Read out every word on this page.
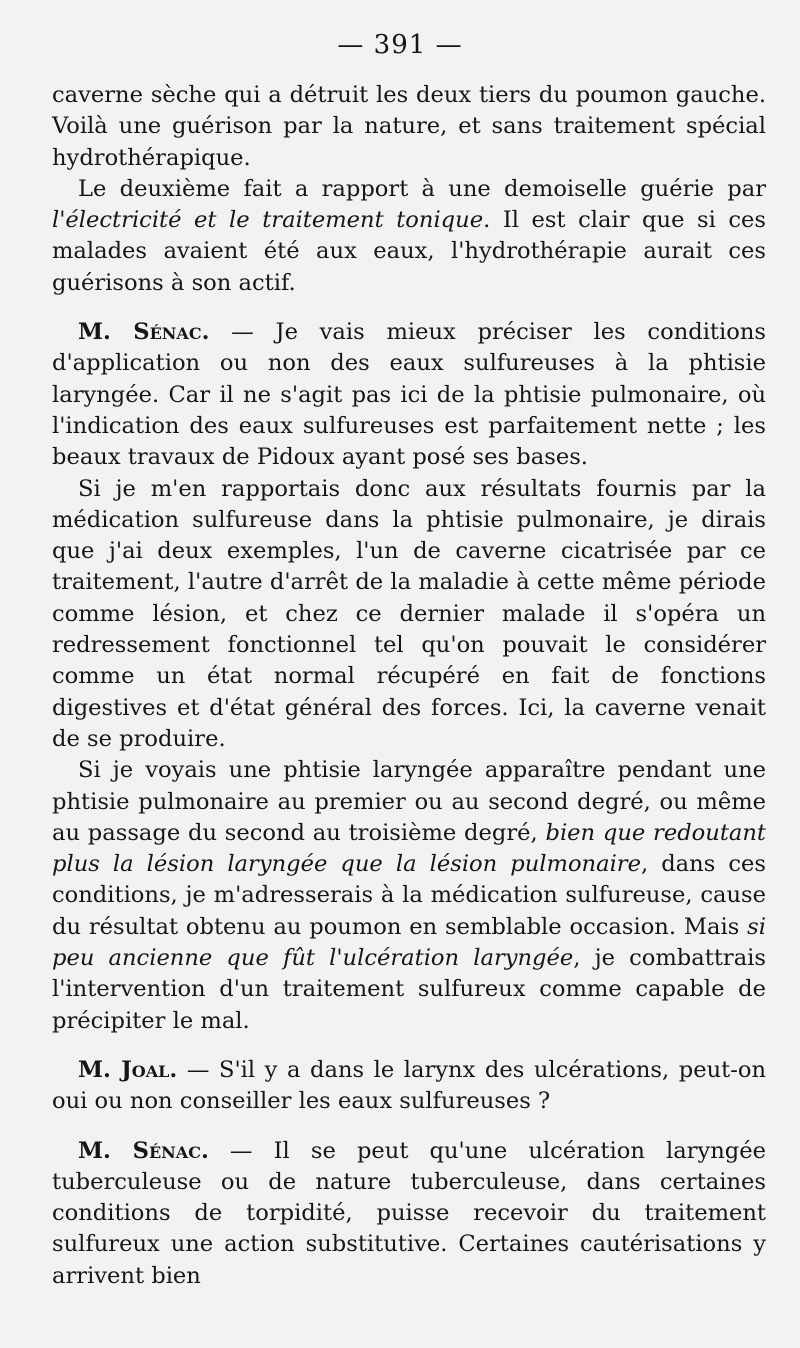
— 391 —

caverne sèche qui a détruit les deux tiers du poumon gauche. Voilà une guérison par la nature, et sans traitement spécial hydrothérapique.

Le deuxième fait a rapport à une demoiselle guérie par l'électricité et le traitement tonique. Il est clair que si ces malades avaient été aux eaux, l'hydrothérapie aurait ces guérisons à son actif.

M. Sénac. — Je vais mieux préciser les conditions d'application ou non des eaux sulfureuses à la phtisie laryngée. Car il ne s'agit pas ici de la phtisie pulmonaire, où l'indication des eaux sulfureuses est parfaitement nette ; les beaux travaux de Pidoux ayant posé ses bases.

Si je m'en rapportais donc aux résultats fournis par la médication sulfureuse dans la phtisie pulmonaire, je dirais que j'ai deux exemples, l'un de caverne cicatrisée par ce traitement, l'autre d'arrêt de la maladie à cette même période comme lésion, et chez ce dernier malade il s'opéra un redressement fonctionnel tel qu'on pouvait le considérer comme un état normal récupéré en fait de fonctions digestives et d'état général des forces. Ici, la caverne venait de se produire.

Si je voyais une phtisie laryngée apparaître pendant une phtisie pulmonaire au premier ou au second degré, ou même au passage du second au troisième degré, bien que redoutant plus la lésion laryngée que la lésion pulmonaire, dans ces conditions, je m'adresserais à la médication sulfureuse, cause du résultat obtenu au poumon en semblable occasion. Mais si peu ancienne que fût l'ulcération laryngée, je combattrais l'intervention d'un traitement sulfureux comme capable de précipiter le mal.

M. Joal. — S'il y a dans le larynx des ulcérations, peut-on oui ou non conseiller les eaux sulfureuses ?

M. Sénac. — Il se peut qu'une ulcération laryngée tuberculeuse ou de nature tuberculeuse, dans certaines conditions de torpidité, puisse recevoir du traitement sulfureux une action substitutive. Certaines cautérisations y arrivent bien
